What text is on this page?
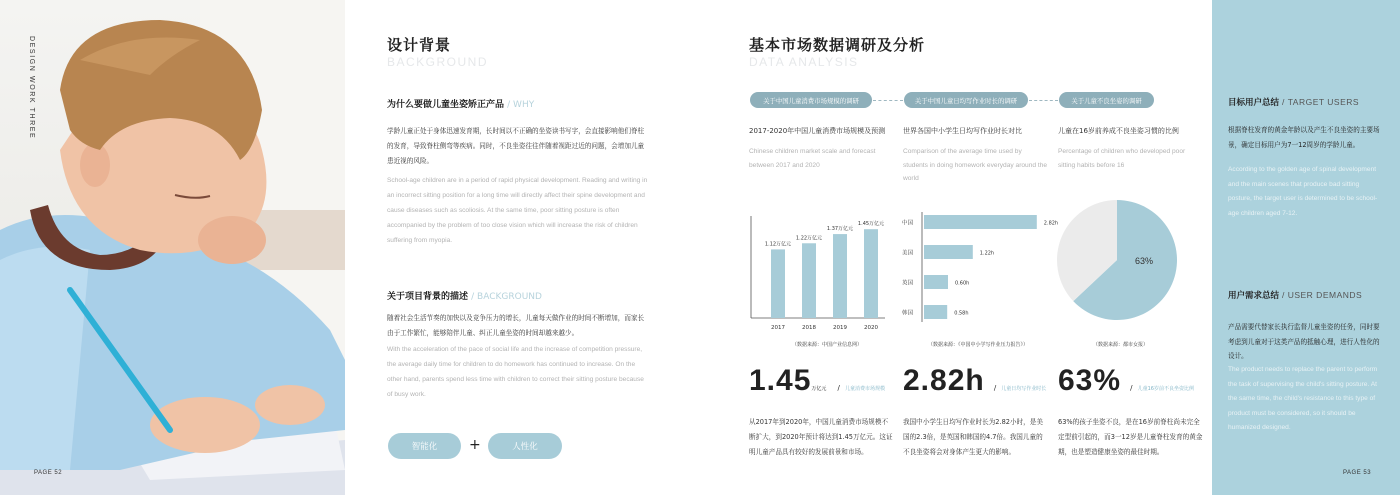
DESIGN WORK THREE
PAGE 52
设计背景
BACKGROUND
为什么要做儿童坐姿矫正产品 / WHY
学龄儿童正处于身体迅速发育期，长时间以不正确的坐姿读书写字，会直接影响他们脊柱的发育，导致脊柱侧弯等疾病。同时，不良坐姿往往伴随着视距过近的问题，会增加儿童患近视的风险。
School-age children are in a period of rapid physical development. Reading and writing in an incorrect sitting position for a long time will directly affect their spine development and cause diseases such as scoliosis. At the same time, poor sitting posture is often accompanied by the problem of too close vision which will increase the risk of children suffering from myopia.
关于项目背景的描述 / BACKGROUND
随着社会生活节奏的加快以及竞争压力的增长，儿童每天做作业的时间不断增加，而家长由于工作繁忙，能够陪伴儿童、纠正儿童坐姿的时间却越来越少。
With the acceleration of the pace of social life and the increase of competition pressure, the average daily time for children to do homework has continued to increase. On the other hand, parents spend less time with children to correct their sitting posture because of busy work.
智能化	+	人性化
基本市场数据调研及分析
DATA ANALYSIS
关于中国儿童消费市场规模的调研	关于中国儿童日均写作业时长的调研	关于儿童不良坐姿的调研
2017-2020年中国儿童消费市场规模及预测
Chinese children market scale and forecast between 2017 and 2020
1.12万亿元
2017
1.22万亿元
2018
1.37万亿元
2019
1.45万亿元
2020
（数据来源：中国产业信息网）
1.45万亿元 / 儿童消费市场规模
从2017年到2020年，中国儿童消费市场规模不断扩大，到2020年预计将达到1.45万亿元。这证明儿童产品具有较好的发展前景和市场。
世界各国中小学生日均写作业时长对比
Comparison of the average time used by students in doing homework everyday around the world
中国	2.82h
美国	1.22h
英国	0.60h
韩国	0.58h
（数据来源：《中国中小学写作业压力报告》）
2.82h / 儿童日均写作业时长
我国中小学生日均写作业时长为2.82小时，是美国的2.3倍，是英国和韩国的4.7倍。我国儿童的不良坐姿将会对身体产生更大的影响。
儿童在16岁前养成不良坐姿习惯的比例
Percentage of children who developed poor sitting habits before 16
63%
（数据来源：都市女报）
63% / 儿童16岁前不良坐姿比例
63%的孩子坐姿不良，是在16岁前脊柱尚未完全定型前引起的，而3一12岁是儿童脊柱发育的黄金期，也是塑造健康坐姿的最佳时期。
目标用户总结 / TARGET USERS
根据脊柱发育的黄金年龄以及产生不良坐姿的主要场景，确定目标用户为7一12周岁的学龄儿童。
According to the golden age of spinal development and the main scenes that produce bad sitting posture, the target user is determined to be school-age children aged 7-12.
用户需求总结 / USER DEMANDS
产品需要代替家长执行监督儿童坐姿的任务，同时要考虑到儿童对于这类产品的抵触心理，进行人性化的设计。
The product needs to replace the parent to perform the task of supervising the child's sitting posture. At the same time, the child's resistance to this type of product must be considered, so it should be humanized designed.
PAGE 53
